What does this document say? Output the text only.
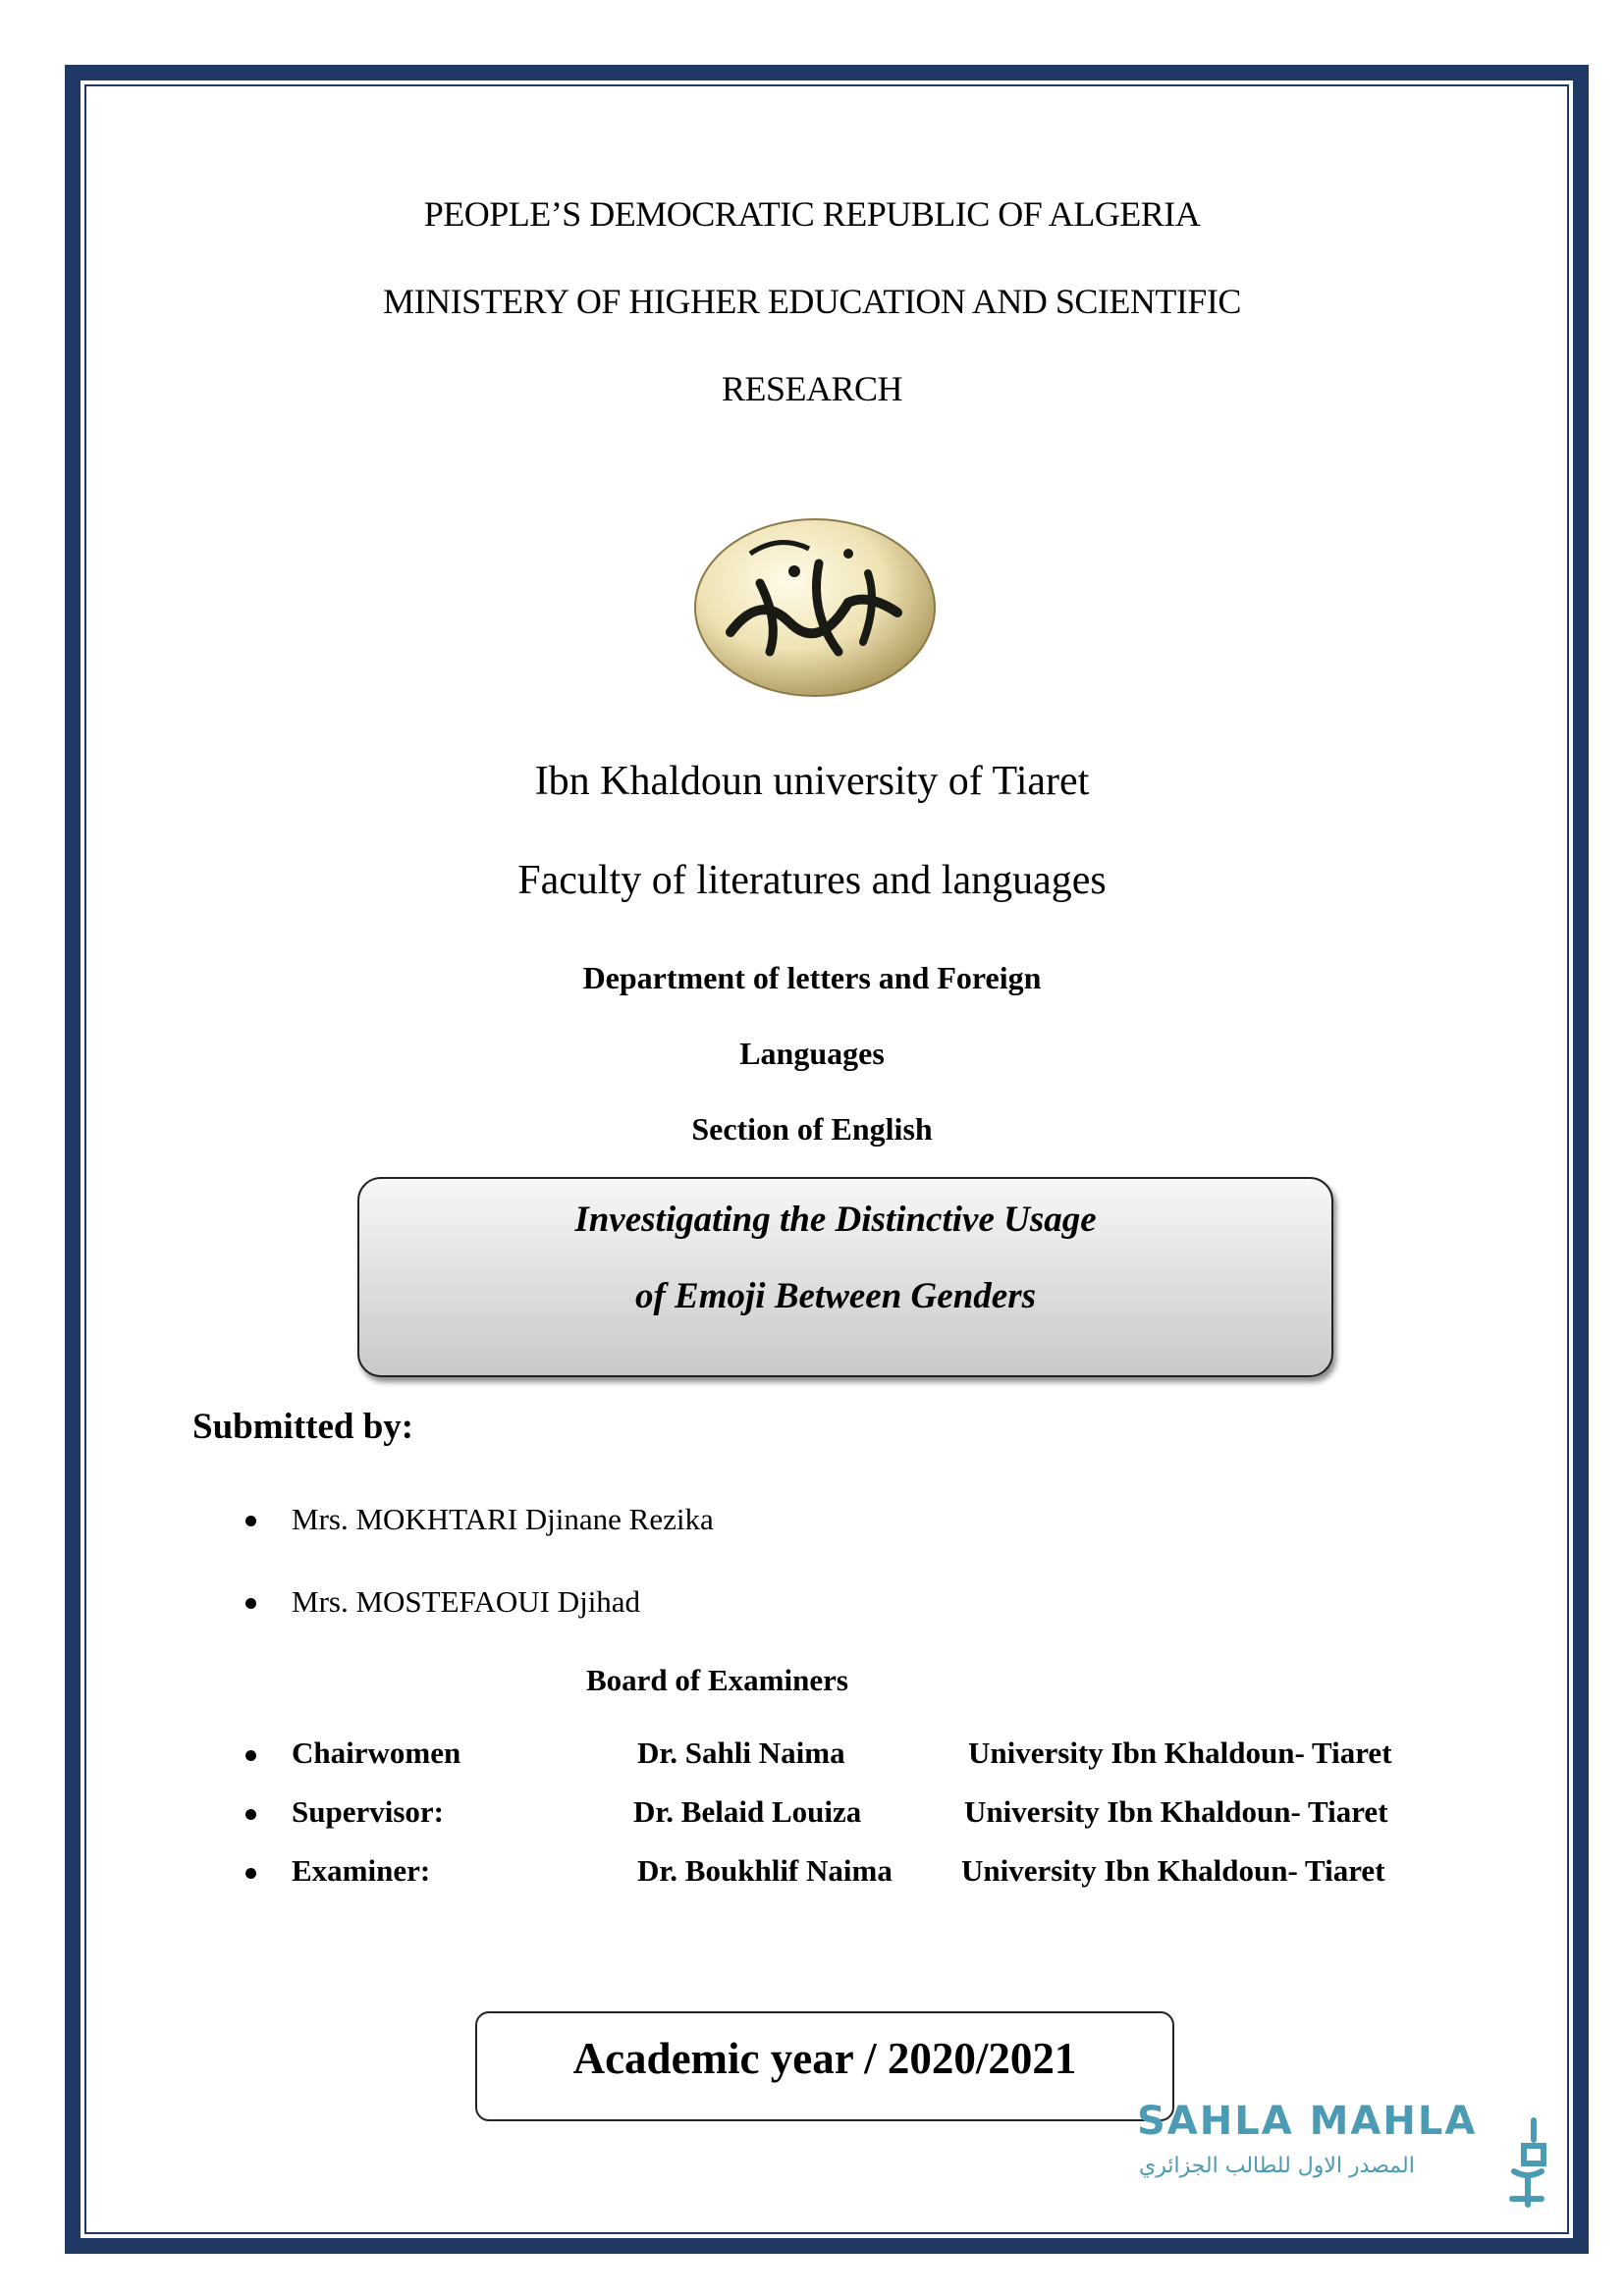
PEOPLE’S DEMOCRATIC REPUBLIC OF ALGERIA
MINISTERY OF HIGHER EDUCATION AND SCIENTIFIC
RESEARCH
Ibn Khaldoun university of Tiaret
Faculty of literatures and languages
Department of letters and Foreign
Languages
Section of English
Investigating the Distinctive Usage
of Emoji Between Genders
Submitted by:
Mrs. MOKHTARI Djinane Rezika
Mrs. MOSTEFAOUI Djihad
Board of Examiners
Chairwomen	Dr. Sahli Naima	University Ibn Khaldoun- Tiaret
Supervisor:	Dr. Belaid Louiza	University Ibn Khaldoun- Tiaret
Examiner:	Dr. Boukhlif Naima University Ibn Khaldoun- Tiaret
Academic year / 2020/2021
SAHLA MAHLA
المصدر الاول للطالب الجزائري
